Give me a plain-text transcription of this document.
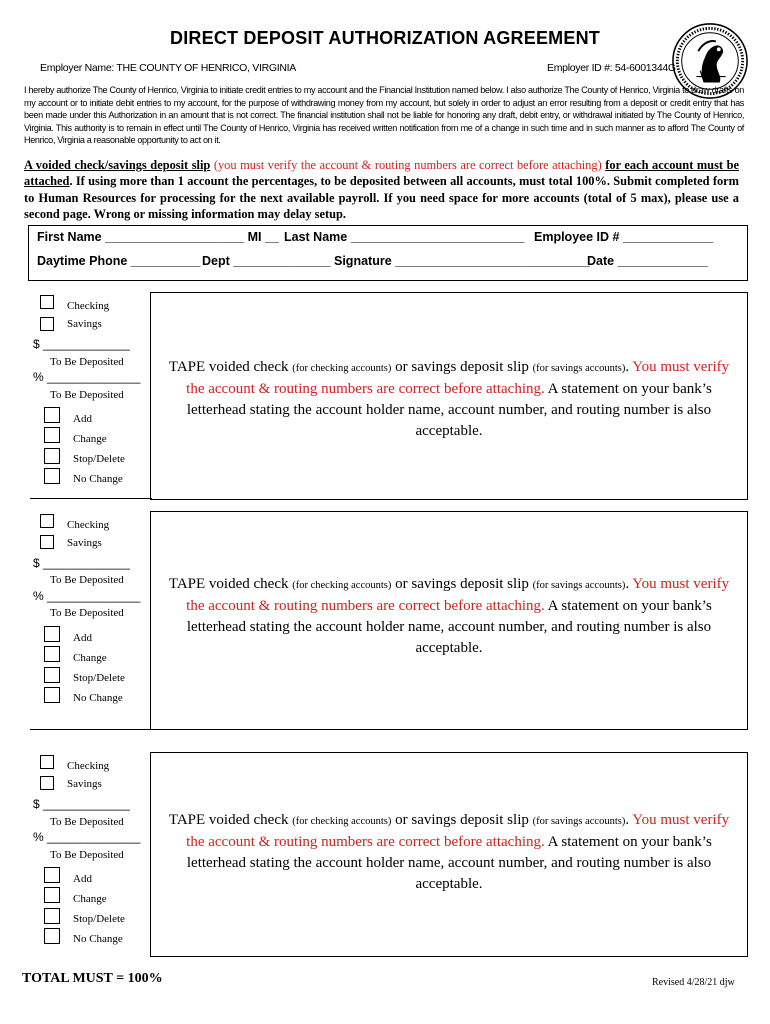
DIRECT DEPOSIT AUTHORIZATION AGREEMENT
Employer Name: THE COUNTY OF HENRICO, VIRGINIA	Employer ID #: 54-6001344G
I hereby authorize The County of Henrico, Virginia to initiate credit entries to my account and the Financial Institution named below. I also authorize The County of Henrico, Virginia to draw drafts on my account or to initiate debit entries to my account, for the purpose of withdrawing money from my account, but solely in order to adjust an error resulting from a deposit or credit entry that has been made under this Authorization in an amount that is not correct. The financial institution shall not be liable for honoring any draft, debit entry, or withdrawal initiated by The County of Henrico, Virginia. This authority is to remain in effect until The County of Henrico, Virginia has received written notification from me of a change in such time and in such manner as to afford The County of Henrico, Virginia a reasonable opportunity to act on it.
A voided check/savings deposit slip (you must verify the account & routing numbers are correct before attaching) for each account must be attached. If using more than 1 account the percentages, to be deposited between all accounts, must total 100%. Submit completed form to Human Resources for processing for the next available payroll. If you need space for more accounts (total of 5 max), please use a second page. Wrong or missing information may delay setup.
First Name ____________________ MI __ Last Name _________________________ Employee ID # _____________
Daytime Phone __________ Dept ______________ Signature ____________________________
Date _____________
Checking
Savings
$ _____________
To Be Deposited
% ______________
To Be Deposited
Add
Change
Stop/Delete
No Change
TAPE voided check (for checking accounts) or savings deposit slip (for savings accounts). You must verify the account & routing numbers are correct before attaching. A statement on your bank’s letterhead stating the account holder name, account number, and routing number is also acceptable.
Checking
Savings
$ _____________
To Be Deposited
% ______________
To Be Deposited
Add
Change
Stop/Delete
No Change
TAPE voided check (for checking accounts) or savings deposit slip (for savings accounts). You must verify the account & routing numbers are correct before attaching. A statement on your bank’s letterhead stating the account holder name, account number, and routing number is also acceptable.
Checking
Savings
$ _____________
To Be Deposited
% ______________
To Be Deposited
Add
Change
Stop/Delete
No Change
TAPE voided check (for checking accounts) or savings deposit slip (for savings accounts). You must verify the account & routing numbers are correct before attaching. A statement on your bank’s letterhead stating the account holder name, account number, and routing number is also acceptable.
TOTAL MUST = 100%	Revised 4/28/21 djw
